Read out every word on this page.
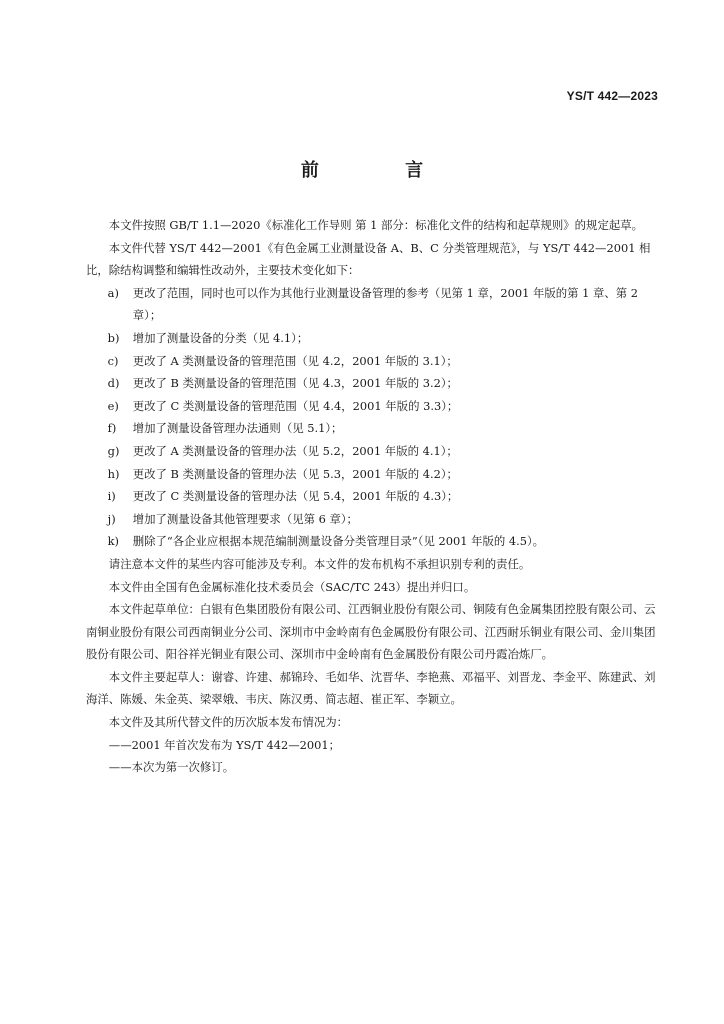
YS/T 442—2023
前 言

本文件按照 GB/T 1.1—2020《标准化工作导则 第 1 部分：标准化文件的结构和起草规则》的规定起草。

本文件代替 YS/T 442—2001《有色金属工业测量设备 A、B、C 分类管理规范》，与 YS/T 442—2001 相比，除结构调整和编辑性改动外，主要技术变化如下：

a) 更改了范围，同时也可以作为其他行业测量设备管理的参考（见第 1 章，2001 年版的第 1 章、第 2 章）；

b) 增加了测量设备的分类（见 4.1）；

c) 更改了 A 类测量设备的管理范围（见 4.2，2001 年版的 3.1）；

d) 更改了 B 类测量设备的管理范围（见 4.3，2001 年版的 3.2）；

e) 更改了 C 类测量设备的管理范围（见 4.4，2001 年版的 3.3）；

f) 增加了测量设备管理办法通则（见 5.1）；

g) 更改了 A 类测量设备的管理办法（见 5.2，2001 年版的 4.1）；

h) 更改了 B 类测量设备的管理办法（见 5.3，2001 年版的 4.2）；

i) 更改了 C 类测量设备的管理办法（见 5.4，2001 年版的 4.3）；

j) 增加了测量设备其他管理要求（见第 6 章）；

k) 删除了“各企业应根据本规范编制测量设备分类管理目录”（见 2001 年版的 4.5）。

请注意本文件的某些内容可能涉及专利。本文件的发布机构不承担识别专利的责任。

本文件由全国有色金属标准化技术委员会（SAC/TC 243）提出并归口。

本文件起草单位：白银有色集团股份有限公司、江西铜业股份有限公司、铜陵有色金属集团控股有限公司、云南铜业股份有限公司西南铜业分公司、深圳市中金岭南有色金属股份有限公司、江西耐乐铜业有限公司、金川集团股份有限公司、阳谷祥光铜业有限公司、深圳市中金岭南有色金属股份有限公司丹霞冶炼厂。

本文件主要起草人：谢睿、许建、郝锦玲、毛如华、沈晋华、李艳燕、邓福平、刘晋龙、李金平、陈建武、刘海洋、陈媛、朱金英、梁翠娥、韦庆、陈汉勇、简志超、崔正军、李颖立。

本文件及其所代替文件的历次版本发布情况为：

——2001 年首次发布为 YS/T 442—2001；

——本次为第一次修订。
